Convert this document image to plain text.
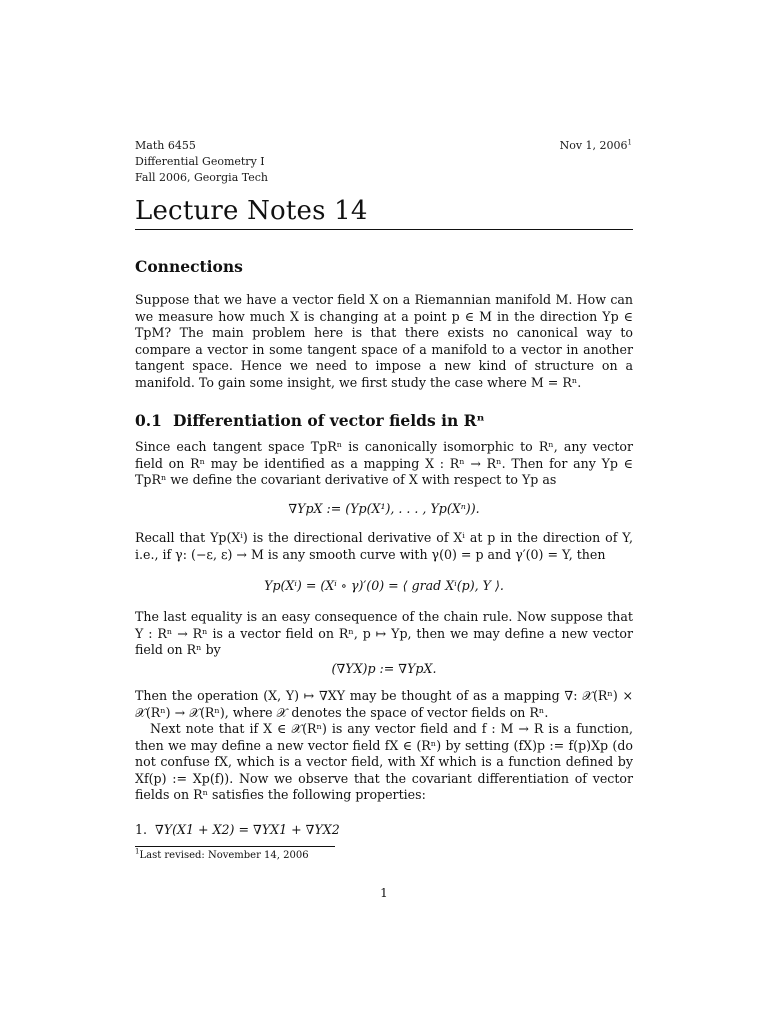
Math 6455
Differential Geometry I
Fall 2006, Georgia Tech
Nov 1, 2006$^1$
Lecture Notes 14
Connections
Suppose that we have a vector field X on a Riemannian manifold M. How can we measure how much X is changing at a point p ∈ M in the direction Yp ∈ TpM? The main problem here is that there exists no canonical way to compare a vector in some tangent space of a manifold to a vector in another tangent space. Hence we need to impose a new kind of structure on a manifold. To gain some insight, we first study the case where M = Rⁿ.
0.1 Differentiation of vector fields in Rⁿ
Since each tangent space TpRⁿ is canonically isomorphic to Rⁿ, any vector field on Rⁿ may be identified as a mapping X : Rⁿ → Rⁿ. Then for any Yp ∈ TpRⁿ we define the covariant derivative of X with respect to Yp as
∇YpX := (Yp(X¹), . . . , Yp(Xⁿ)).
Recall that Yp(Xⁱ) is the directional derivative of Xⁱ at p in the direction of Y, i.e., if γ: (−ε, ε) → M is any smooth curve with γ(0) = p and γ′(0) = Y, then
Yp(Xⁱ) = (Xⁱ ∘ γ)′(0) = ⟨ grad Xⁱ(p), Y ⟩.
The last equality is an easy consequence of the chain rule. Now suppose that Y : Rⁿ → Rⁿ is a vector field on Rⁿ, p ↦ Yp, then we may define a new vector field on Rⁿ by
(∇YX)p := ∇YpX.

Then the operation (X, Y) ↦ ∇XY may be thought of as a mapping ∇: 𝒳(Rⁿ) × 𝒳(Rⁿ) → 𝒳(Rⁿ), where 𝒳 denotes the space of vector fields on Rⁿ.

Next note that if X ∈ 𝒳(Rⁿ) is any vector field and f : M → R is a function, then we may define a new vector field fX ∈ (Rⁿ) by setting (fX)p := f(p)Xp (do not confuse fX, which is a vector field, with Xf which is a function defined by Xf(p) := Xp(f)). Now we observe that the covariant differentiation of vector fields on Rⁿ satisfies the following properties:

1. ∇Y(X1 + X2) = ∇YX1 + ∇YX2
$^1$Last revised: November 14, 2006
1
